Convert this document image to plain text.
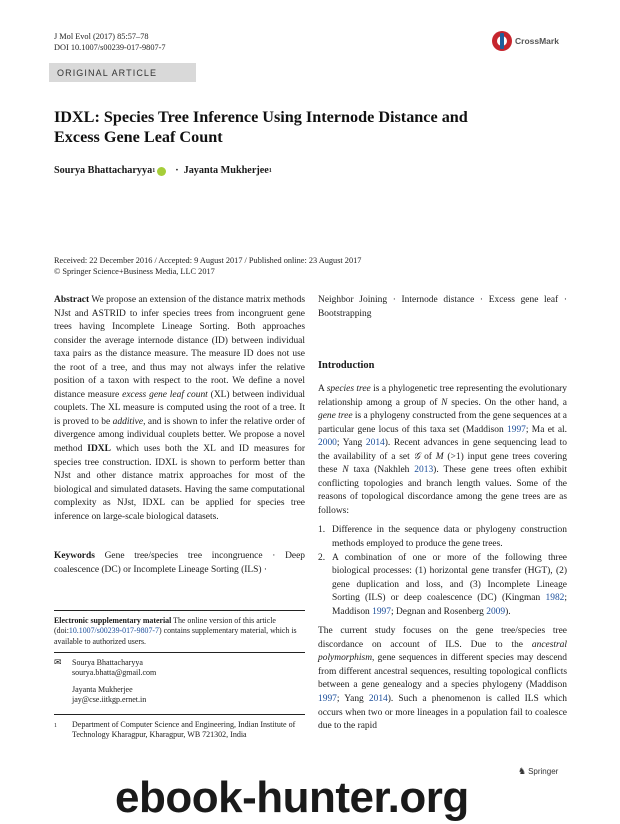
J Mol Evol (2017) 85:57–78
DOI 10.1007/s00239-017-9807-7
CrossMark
ORIGINAL ARTICLE
IDXL: Species Tree Inference Using Internode Distance and Excess Gene Leaf Count
Sourya Bhattacharyya 1 · Jayanta Mukherjee 1
Received: 22 December 2016 / Accepted: 9 August 2017 / Published online: 23 August 2017
© Springer Science+Business Media, LLC 2017

Abstract We propose an extension of the distance matrix methods NJst and ASTRID to infer species trees from incongruent gene trees having Incomplete Lineage Sorting. Both approaches consider the average internode distance (ID) between individual taxa pairs as the distance measure. The measure ID does not use the root of a tree, and thus may not always infer the relative position of a taxon with respect to the root. We define a novel distance measure excess gene leaf count (XL) between individual couplets. The XL measure is computed using the root of a tree. It is proved to be additive, and is shown to infer the relative order of divergence among individual couplets better. We propose a novel method IDXL which uses both the XL and ID measures for species tree construction. IDXL is shown to perform better than NJst and other distance matrix approaches for most of the biological and simulated datasets. Having the same computational complexity as NJst, IDXL can be applied for species tree inference on large-scale biological datasets.

Keywords Gene tree/species tree incongruence · Deep coalescence (DC) or Incomplete Lineage Sorting (ILS) ·

Electronic supplementary material The online version of this article (doi:10.1007/s00239-017-9807-7) contains supplementary material, which is available to authorized users.
✉	Sourya Bhattacharyya
sourya.bhatta@gmail.com
Jayanta Mukherjee
jay@cse.iitkgp.ernet.in
1	Department of Computer Science and Engineering, Indian Institute of Technology Kharagpur, Kharagpur, WB 721302, India
Neighbor Joining · Internode distance · Excess gene leaf · Bootstrapping
Introduction

A species tree is a phylogenetic tree representing the evolutionary relationship among a group of N species. On the other hand, a gene tree is a phylogeny constructed from the gene sequences at a particular gene locus of this taxa set (Maddison 1997; Ma et al. 2000; Yang 2014). Recent advances in gene sequencing lead to the availability of a set 𝒢 of M (>1) input gene trees covering these N taxa (Nakhleh 2013). These gene trees often exhibit conflicting topologies and branch length values. Some of the reasons of topological discordance among the gene trees are as follows:

1. Difference in the sequence data or phylogeny construction methods employed to produce the gene trees.
2. A combination of one or more of the following three biological processes: (1) horizontal gene transfer (HGT), (2) gene duplication and loss, and (3) Incomplete Lineage Sorting (ILS) or deep coalescence (DC) (Kingman 1982; Maddison 1997; Degnan and Rosenberg 2009).

The current study focuses on the gene tree/species tree discordance on account of ILS. Due to the ancestral polymorphism, gene sequences in different species may descend from different ancestral sequences, resulting topological conflicts between a gene genealogy and a species phylogeny (Maddison 1997; Yang 2014). Such a phenomenon is called ILS which occurs when two or more lineages in a population fail to coalesce due to the rapid

♞ Springer
ebook-hunter.org
